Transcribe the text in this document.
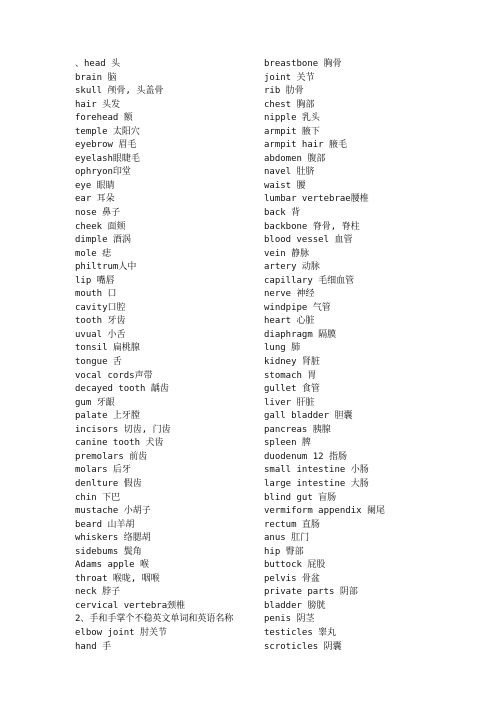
、head 头
brain 脑
skull 颅骨, 头盖骨
hair 头发
forehead 额
temple 太阳穴
eyebrow 眉毛
eyelash眼睫毛
ophryon印堂
eye 眼睛
ear 耳朵
nose 鼻子
cheek 面颊
dimple 酒涡
mole 痣
philtrum人中
lip 嘴唇
mouth 口
cavity口腔
tooth 牙齿
uvual 小舌
tonsil 扁桃腺
tongue 舌
vocal cords声带
decayed tooth 龋齿
gum 牙龈
palate 上牙膛
incisors 切齿, 门齿
canine tooth 犬齿
premolars 前齿
molars 后牙
denlture 假齿
chin 下巴
mustache 小胡子
beard 山羊胡
whiskers 络腮胡
sidebums 鬓角
Adams apple 喉
throat 喉咙, 咽喉
neck 脖子
cervical vertebra颈椎
2、手和手掌个不稳英文单词和英语名称
elbow joint 肘关节
hand 手
breastbone 胸骨
joint 关节
rib 肋骨
chest 胸部
nipple 乳头
armpit 腋下
armpit hair 腋毛
abdomen 腹部
navel 肚脐
waist 腰
lumbar vertebrae腰椎
back 背
backbone 脊骨, 脊柱
blood vessel 血管
vein 静脉
artery 动脉
capillary 毛细血管
nerve 神经
windpipe 气管
heart 心脏
diaphragm 隔膜
lung 肺
kidney 肾脏
stomach 胃
gullet 食管
liver 肝脏
gall bladder 胆囊
pancreas 胰腺
spleen 脾
duodenum 12 指肠
small intestine 小肠
large intestine 大肠
blind gut 盲肠
vermiform appendix 阑尾
rectum 直肠
anus 肛门
hip 臀部
buttock 屁股
pelvis 骨盆
private parts 阴部
bladder 膀胱
penis 阴茎
testicles 睾丸
scroticles 阴囊
